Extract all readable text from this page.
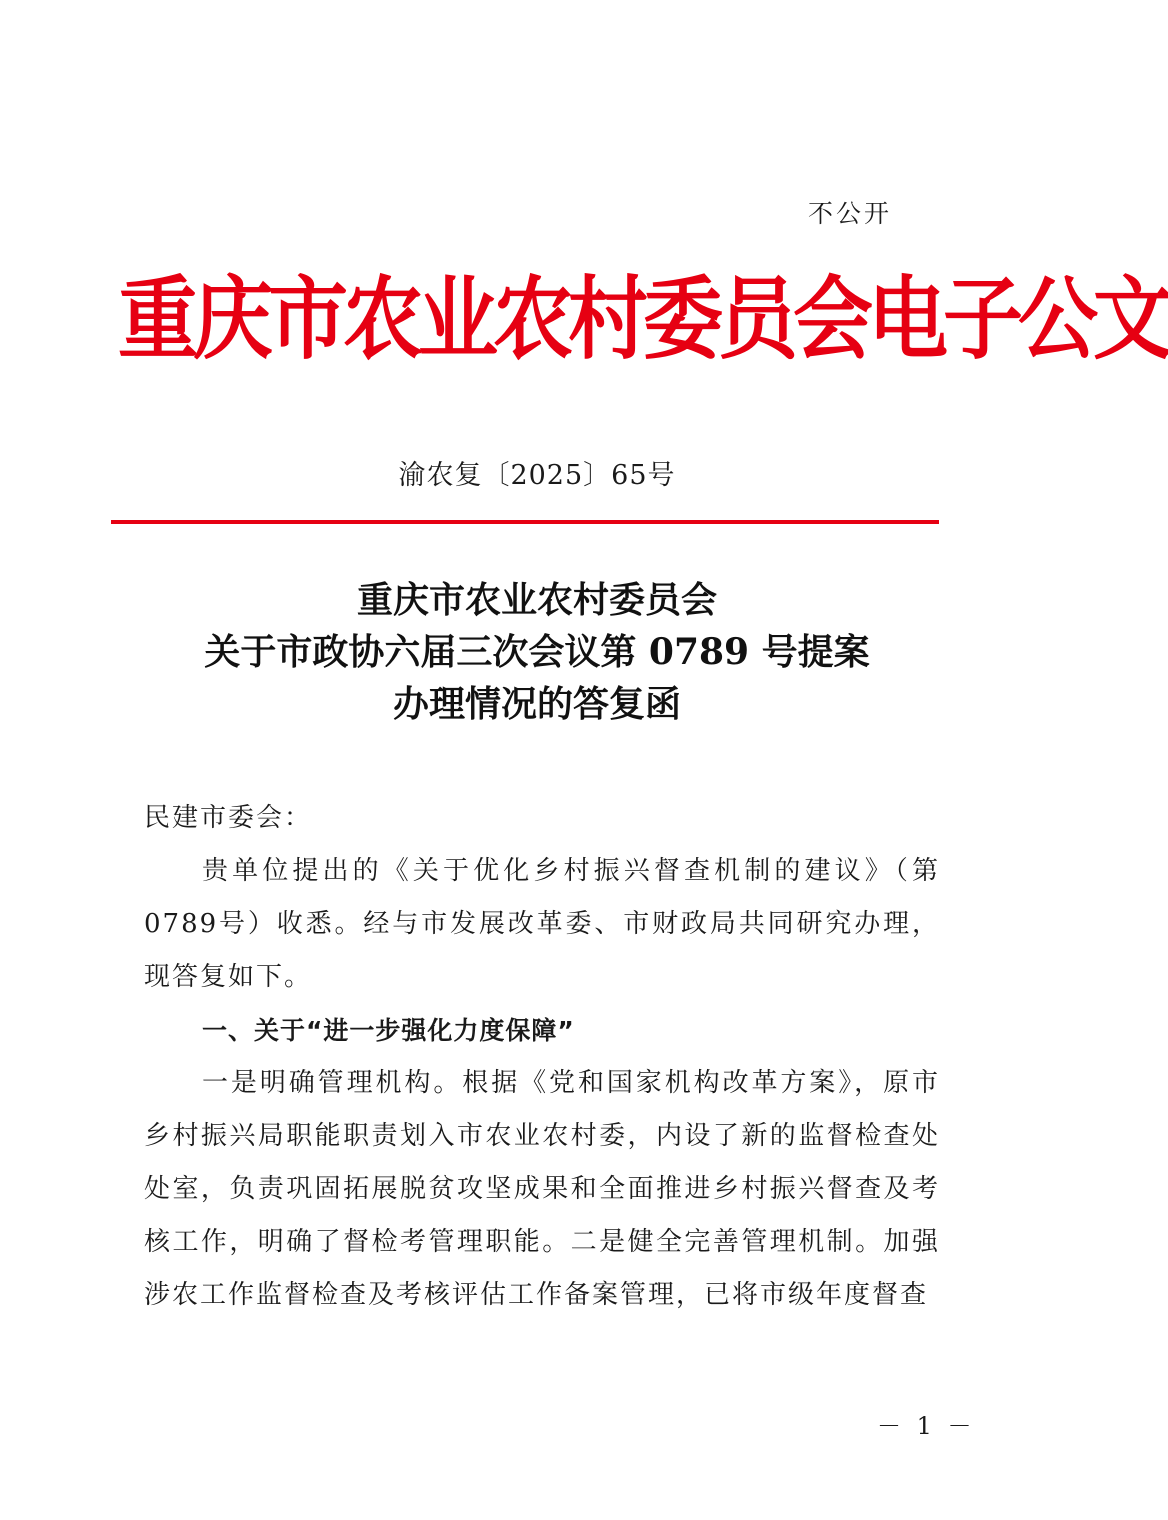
不公开
重庆市农业农村委员会电子公文
渝农复〔2025〕65号
重庆市农业农村委员会
关于市政协六届三次会议第 0789 号提案
办理情况的答复函
民建市委会：

贵单位提出的《关于优化乡村振兴督查机制的建议》（第0789号）收悉。经与市发展改革委、市财政局共同研究办理，现答复如下。

一、关于“进一步强化力度保障”

一是明确管理机构。根据《党和国家机构改革方案》，原市乡村振兴局职能职责划入市农业农村委，内设了新的监督检查处处室，负责巩固拓展脱贫攻坚成果和全面推进乡村振兴督查及考核工作，明确了督检考管理职能。二是健全完善管理机制。加强涉农工作监督检查及考核评估工作备案管理，已将市级年度督查

－ 1 －
